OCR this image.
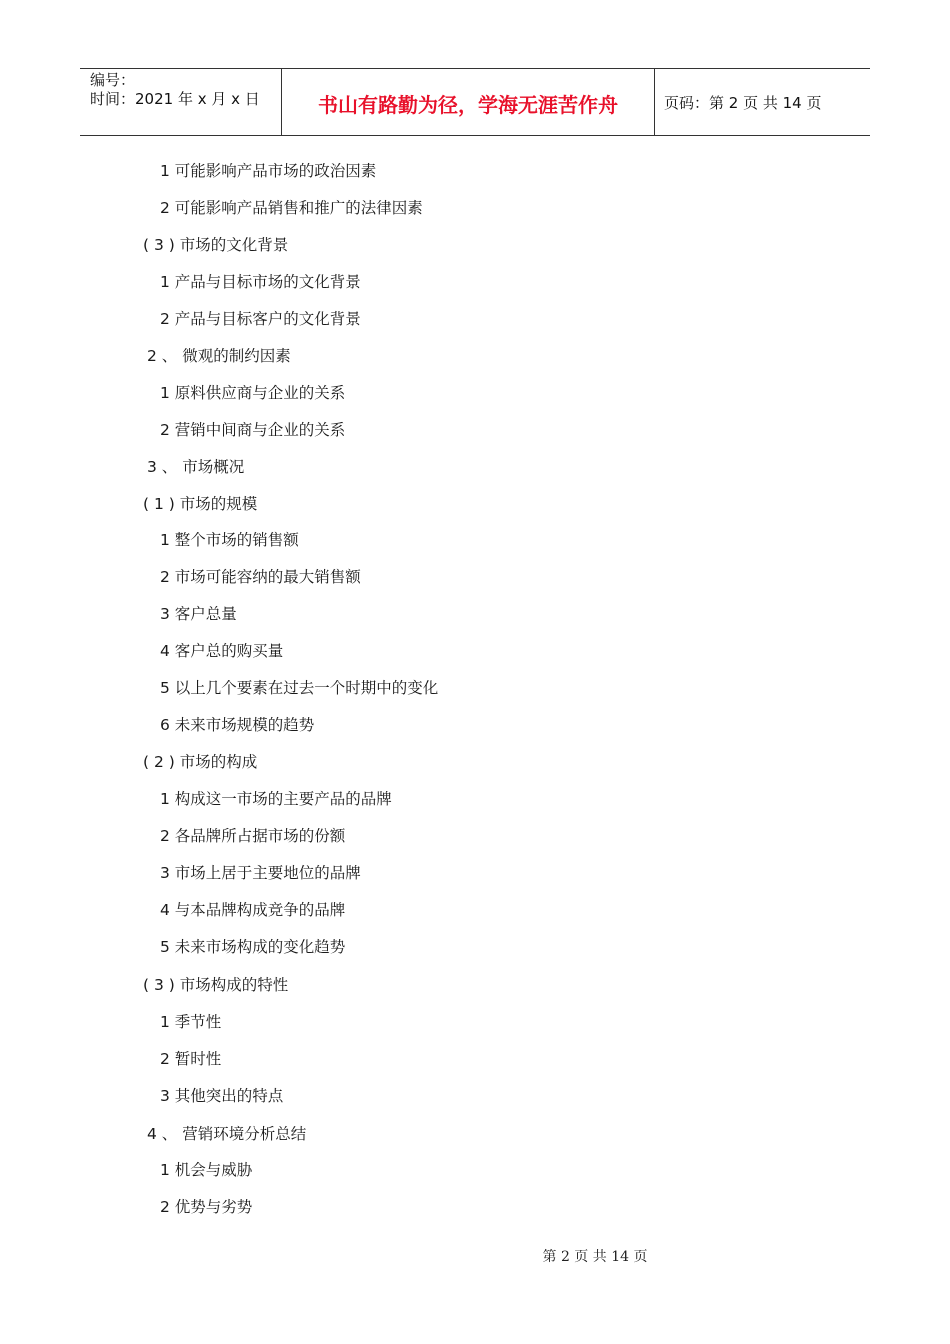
编号：
时间：2021 年 x 月 x 日	书山有路勤为径，学海无涯苦作舟	页码：第 2 页 共 14 页
1 可能影响产品市场的政治因素
2 可能影响产品销售和推广的法律因素
( 3 ) 市场的文化背景
1 产品与目标市场的文化背景
2 产品与目标客户的文化背景
2 、 微观的制约因素
1 原料供应商与企业的关系
2 营销中间商与企业的关系
3 、 市场概况
( 1 ) 市场的规模
1 整个市场的销售额
2 市场可能容纳的最大销售额
3 客户总量
4 客户总的购买量
5 以上几个要素在过去一个时期中的变化
6 未来市场规模的趋势
( 2 ) 市场的构成
1 构成这一市场的主要产品的品牌
2 各品牌所占据市场的份额
3 市场上居于主要地位的品牌
4 与本品牌构成竞争的品牌
5 未来市场构成的变化趋势
( 3 ) 市场构成的特性
1 季节性
2 暂时性
3 其他突出的特点
4 、 营销环境分析总结
1 机会与威胁
2 优势与劣势
第 2 页 共 14 页
